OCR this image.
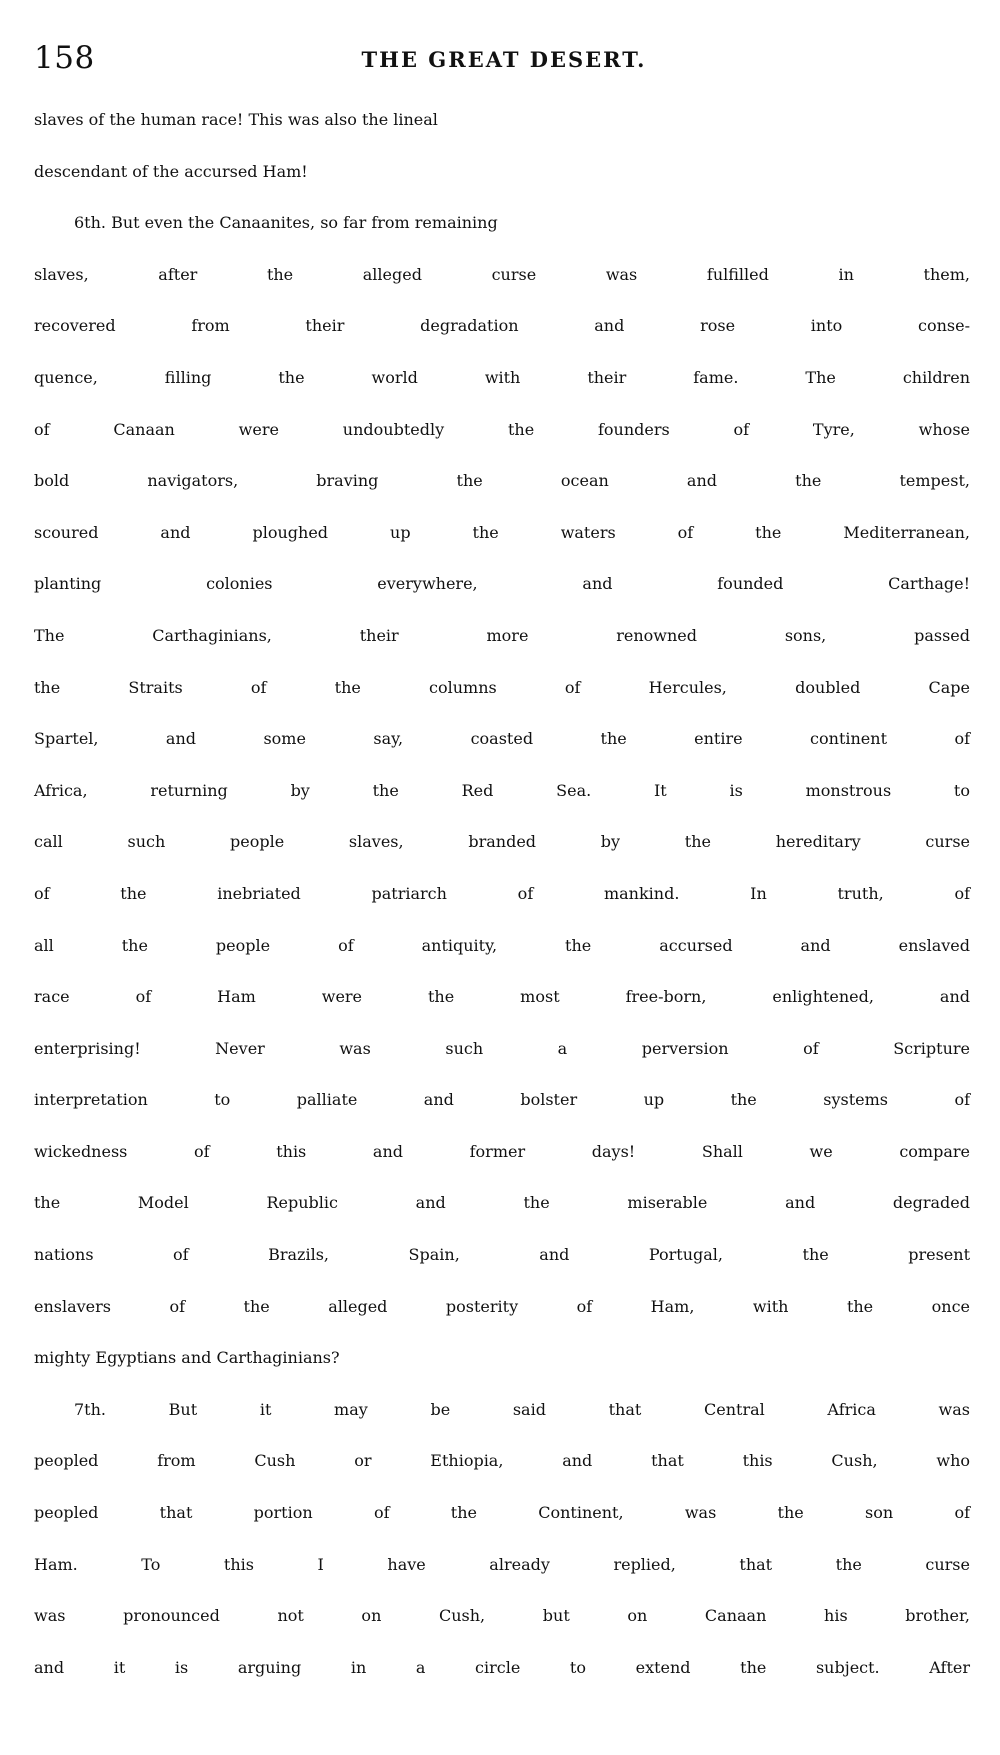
158	THE GREAT DESERT.
slaves of the human race! This was also the lineal
descendant of the accursed Ham!
6th. But even the Canaanites, so far from remaining
slaves, after the alleged curse was fulfilled in them,
recovered from their degradation and rose into conse-
quence, filling the world with their fame. The children
of Canaan were undoubtedly the founders of Tyre, whose
bold navigators, braving the ocean and the tempest,
scoured and ploughed up the waters of the Mediterranean,
planting colonies everywhere, and founded Carthage!
The Carthaginians, their more renowned sons, passed
the Straits of the columns of Hercules, doubled Cape
Spartel, and some say, coasted the entire continent of
Africa, returning by the Red Sea. It is monstrous to
call such people slaves, branded by the hereditary curse
of the inebriated patriarch of mankind. In truth, of
all the people of antiquity, the accursed and enslaved
race of Ham were the most free-born, enlightened, and
enterprising! Never was such a perversion of Scripture
interpretation to palliate and bolster up the systems of
wickedness of this and former days! Shall we compare
the Model Republic and the miserable and degraded
nations of Brazils, Spain, and Portugal, the present
enslavers of the alleged posterity of Ham, with the once
mighty Egyptians and Carthaginians?
7th. But it may be said that Central Africa was
peopled from Cush or Ethiopia, and that this Cush, who
peopled that portion of the Continent, was the son of
Ham. To this I have already replied, that the curse
was pronounced not on Cush, but on Canaan his brother,
and it is arguing in a circle to extend the subject. After
